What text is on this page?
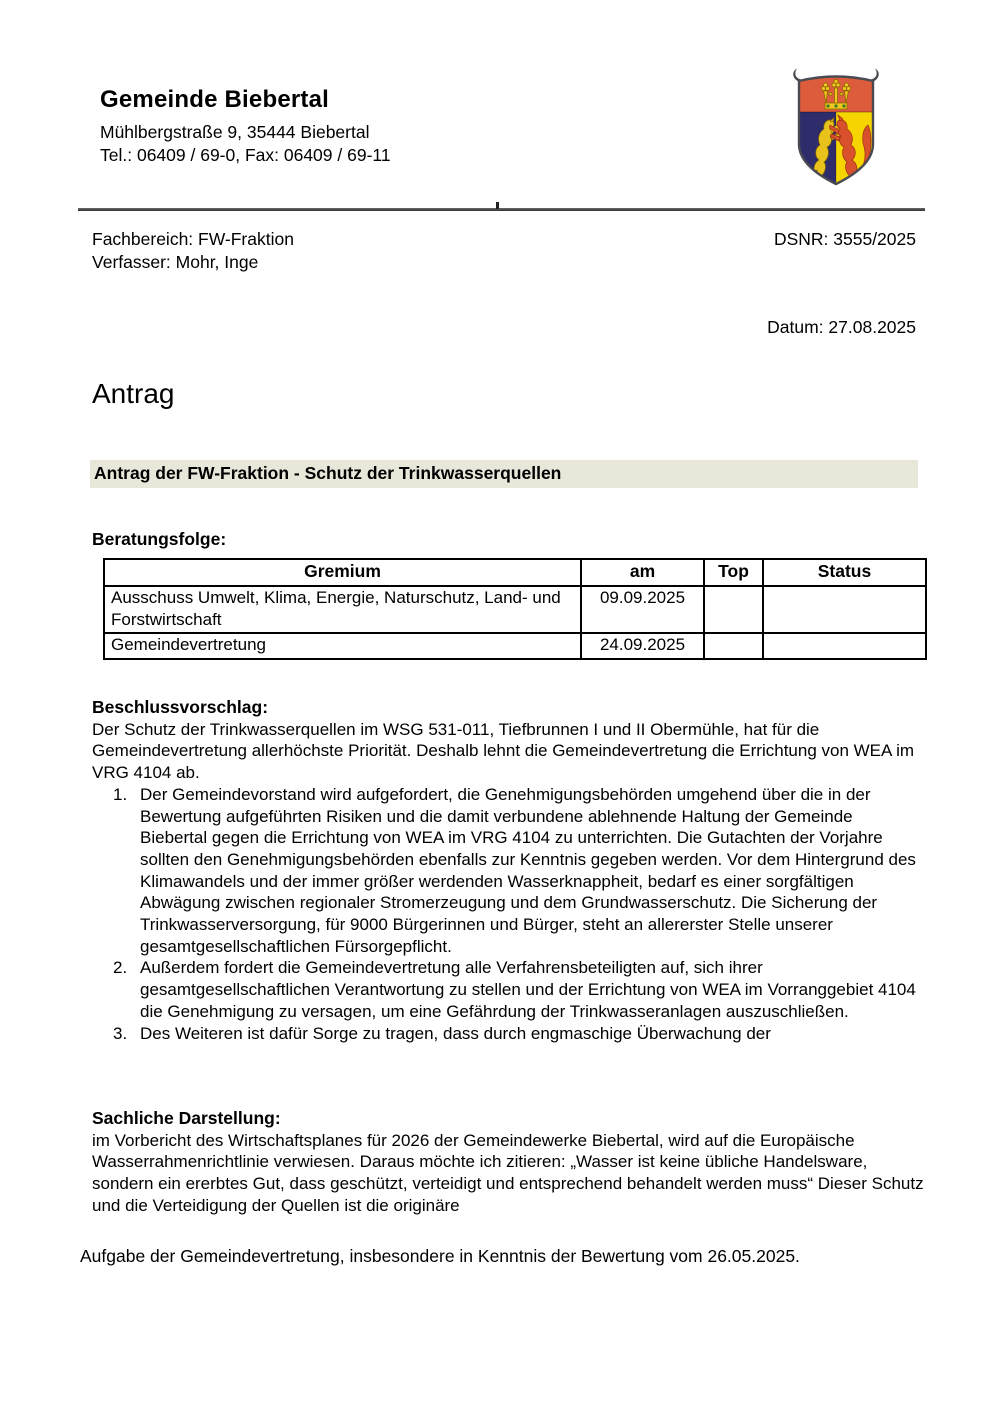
Gemeinde Biebertal
Mühlbergstraße 9, 35444 Biebertal
Tel.: 06409 / 69-0, Fax: 06409 / 69-11
Fachbereich: FW-Fraktion
Verfasser: Mohr, Inge
DSNR: 3555/2025
Datum: 27.08.2025
Antrag
Antrag der FW-Fraktion - Schutz der Trinkwasserquellen
Beratungsfolge:
Gremium	am	Top	Status
Ausschuss Umwelt, Klima, Energie, Naturschutz, Land- und Forstwirtschaft	09.09.2025		
Gemeindevertretung	24.09.2025		

Beschlussvorschlag:

Der Schutz der Trinkwasserquellen im WSG 531-011, Tiefbrunnen I und II Obermühle, hat für die Gemeindevertretung allerhöchste Priorität. Deshalb lehnt die Gemeindevertretung die Errichtung von WEA im VRG 4104 ab.

Der Gemeindevorstand wird aufgefordert, die Genehmigungsbehörden umgehend über die in der Bewertung aufgeführten Risiken und die damit verbundene ablehnende Haltung der Gemeinde Biebertal gegen die Errichtung von WEA im VRG 4104 zu unterrichten. Die Gutachten der Vorjahre sollten den Genehmigungsbehörden ebenfalls zur Kenntnis gegeben werden. Vor dem Hintergrund des Klimawandels und der immer größer werdenden Wasserknappheit, bedarf es einer sorgfältigen Abwägung zwischen regionaler Stromerzeugung und dem Grundwasserschutz. Die Sicherung der Trinkwasserversorgung, für 9000 Bürgerinnen und Bürger, steht an allererster Stelle unserer gesamtgesellschaftlichen Fürsorgepflicht.
Außerdem fordert die Gemeindevertretung alle Verfahrensbeteiligten auf, sich ihrer gesamtgesellschaftlichen Verantwortung zu stellen und der Errichtung von WEA im Vorranggebiet 4104 die Genehmigung zu versagen, um eine Gefährdung der Trinkwasseranlagen auszuschließen.
Des Weiteren ist dafür Sorge zu tragen, dass durch engmaschige Überwachung der

Sachliche Darstellung:

im Vorbericht des Wirtschaftsplanes für 2026 der Gemeindewerke Biebertal, wird auf die Europäische Wasserrahmenrichtlinie verwiesen. Daraus möchte ich zitieren: „Wasser ist keine übliche Handelsware, sondern ein ererbtes Gut, dass geschützt, verteidigt und entsprechend behandelt werden muss“ Dieser Schutz und die Verteidigung der Quellen ist die originäre

Aufgabe der Gemeindevertretung, insbesondere in Kenntnis der Bewertung vom 26.05.2025.
